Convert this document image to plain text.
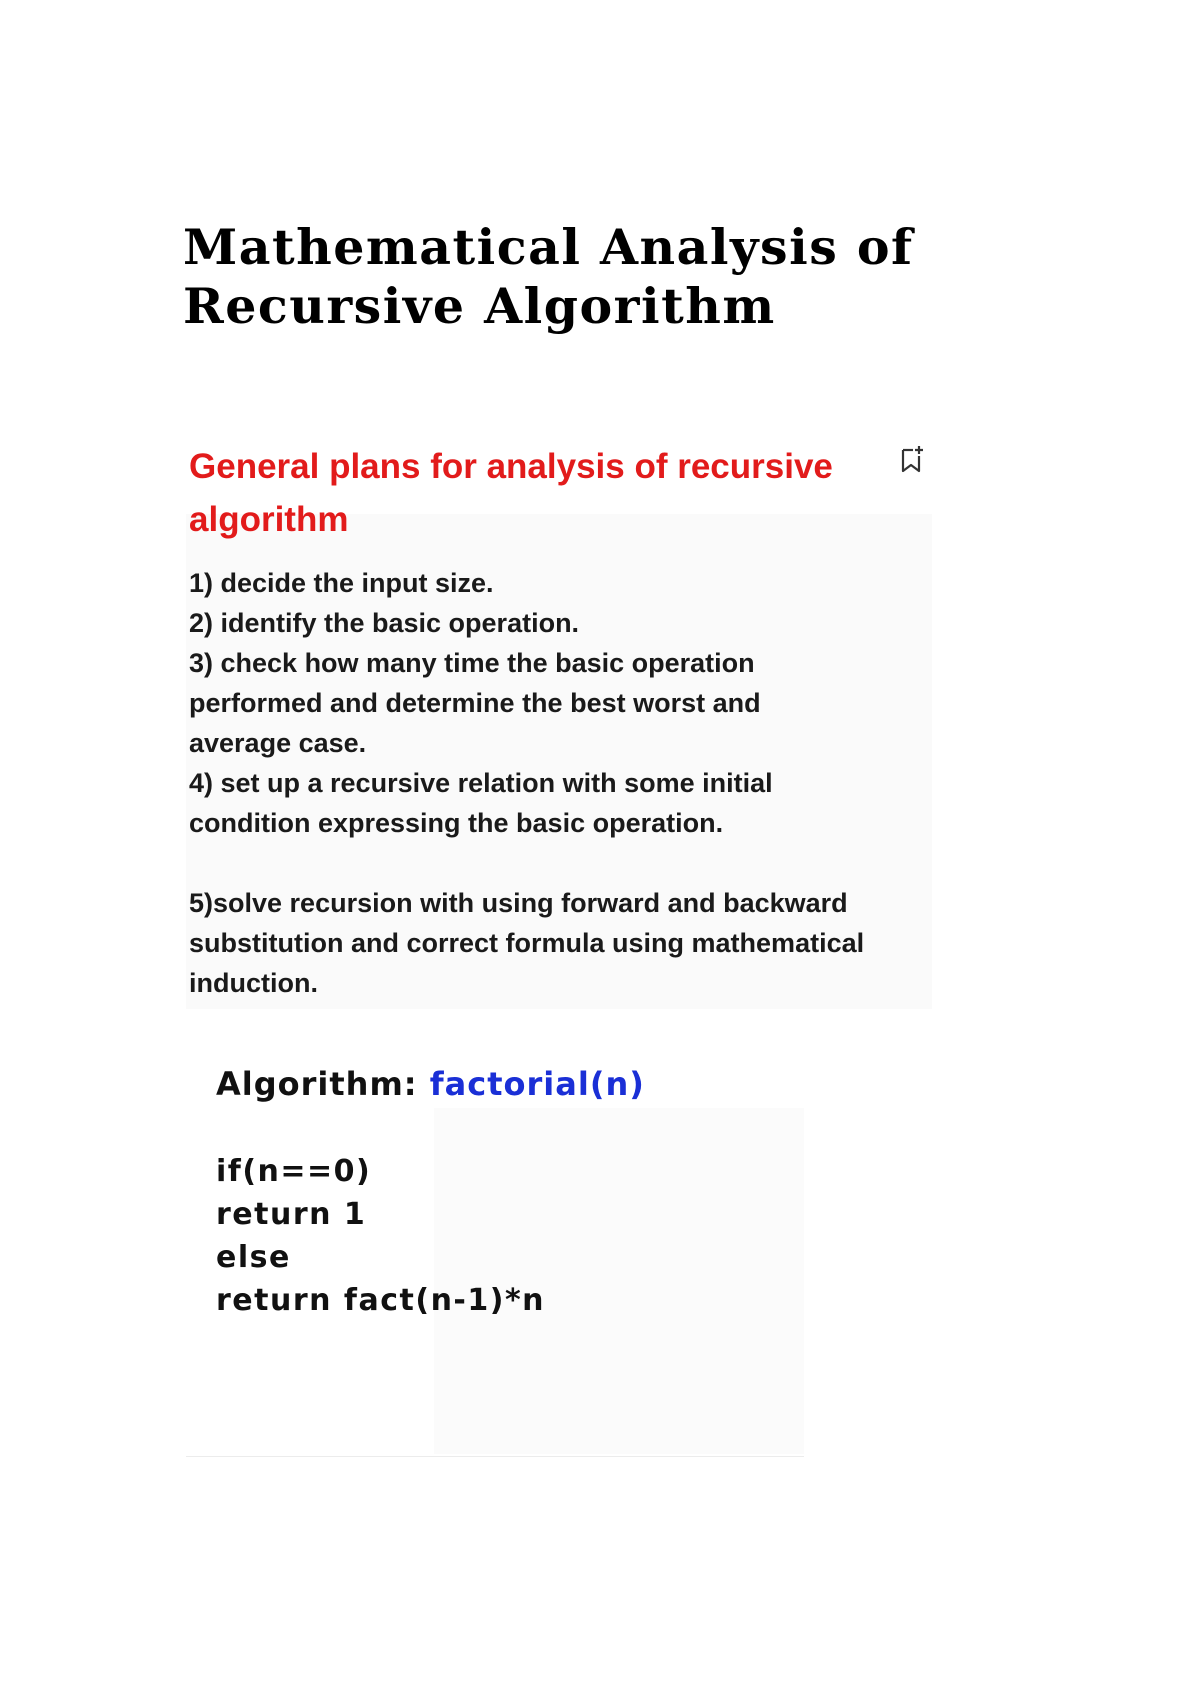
Mathematical Analysis of
Recursive Algorithm
General plans for analysis of recursive
algorithm
1) decide the input size.
2) identify the basic operation.
3) check how many time the basic operation
performed and determine the best worst and
average case.
4) set up a recursive relation with some initial
condition expressing the basic operation.
5)solve recursion with using forward and backward
substitution and correct formula using mathematical
induction.
Algorithm: factorial(n)
if(n==0)
return 1
else
return fact(n-1)*n
